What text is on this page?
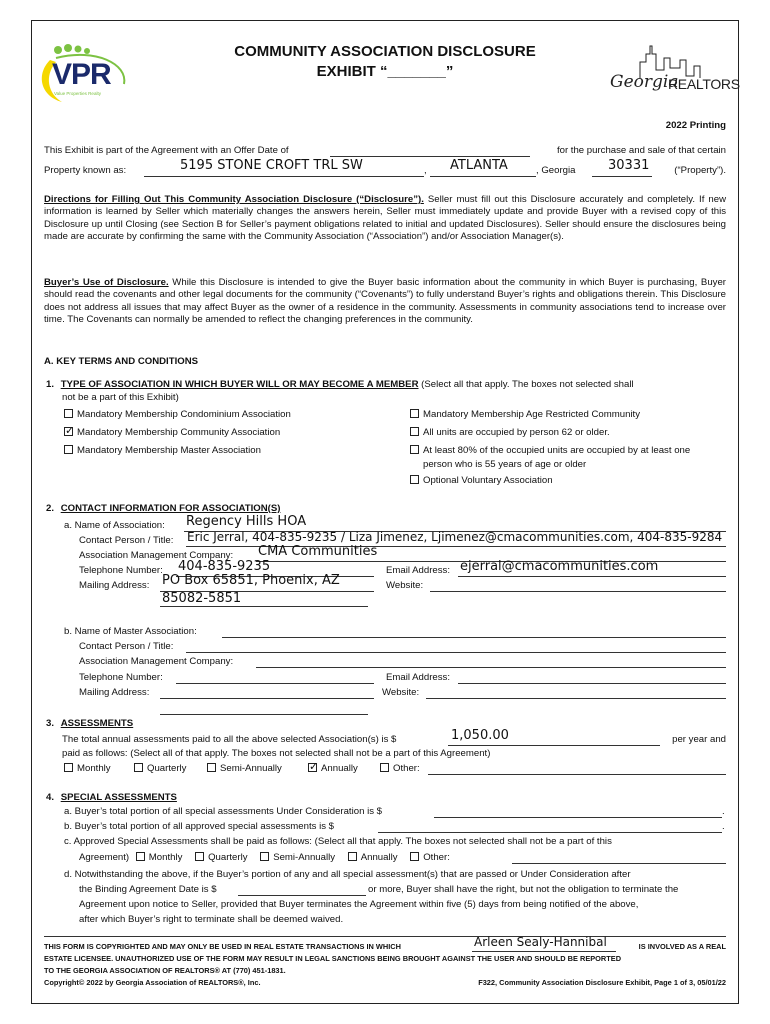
VPR
Value Properties Realty
COMMUNITY ASSOCIATION DISCLOSURE
EXHIBIT “_______”
Georgia
REALTORS
2022 Printing
This Exhibit is part of the Agreement with an Offer Date of	for the purchase and sale of that certain
Property known as:	5195 STONE CROFT TRL SW	, ATLANTA	, Georgia	30331	(“Property”).
Directions for Filling Out This Community Association Disclosure (“Disclosure”). Seller must fill out this Disclosure accurately and completely. If new information is learned by Seller which materially changes the answers herein, Seller must immediately update and provide Buyer with a revised copy of this Disclosure up until Closing (see Section B for Seller’s payment obligations related to initial and updated Disclosures). Seller should ensure the disclosures being made are accurate by confirming the same with the Community Association (“Association”) and/or Association Manager(s).
Buyer’s Use of Disclosure. While this Disclosure is intended to give the Buyer basic information about the community in which Buyer is purchasing, Buyer should read the covenants and other legal documents for the community (“Covenants”) to fully understand Buyer’s rights and obligations therein. This Disclosure does not address all issues that may affect Buyer as the owner of a residence in the community. Assessments in community associations tend to increase over time. The Covenants can normally be amended to reflect the changing preferences in the community.
A. KEY TERMS AND CONDITIONS
1. TYPE OF ASSOCIATION IN WHICH BUYER WILL OR MAY BECOME A MEMBER (Select all that apply. The boxes not selected shall
not be a part of this Exhibit)
Mandatory Membership Condominium Association
✓Mandatory Membership Community Association
Mandatory Membership Master Association
Mandatory Membership Age Restricted Community
All units are occupied by person 62 or older.
At least 80% of the occupied units are occupied by at least one
person who is 55 years of age or older
Optional Voluntary Association
2. CONTACT INFORMATION FOR ASSOCIATION(S)
a. Name of Association: Regency Hills HOA
Contact Person / Title: Eric Jerral, 404-835-9235 / Liza Jimenez, Ljimenez@cmacommunities.com, 404-835-9284
Association Management Company: CMA Communities
Telephone Number: 404-835-9235	Email Address: ejerral@cmacommunities.com
Mailing Address: PO Box 65851, Phoenix, AZ	Website:
85082-5851
b. Name of Master Association:
Contact Person / Title:
Association Management Company:
Telephone Number:	Email Address:
Mailing Address:	Website:
3. ASSESSMENTS
The total annual assessments paid to all the above selected Association(s) is $	1,050.00	per year and
paid as follows: (Select all of that apply. The boxes not selected shall not be a part of this Agreement)
Monthly	Quarterly	Semi-Annually
✓	Annually	Other:
4. SPECIAL ASSESSMENTS
a. Buyer’s total portion of all special assessments Under Consideration is $	.
b. Buyer’s total portion of all approved special assessments is $	.
c. Approved Special Assessments shall be paid as follows: (Select all that apply. The boxes not selected shall not be a part of this
Agreement) Monthly	Quarterly	Semi-Annually	Annually	Other:
d. Notwithstanding the above, if the Buyer’s portion of any and all special assessment(s) that are passed or Under Consideration after
the Binding Agreement Date is $	or more, Buyer shall have the right, but not the obligation to terminate the
Agreement upon notice to Seller, provided that Buyer terminates the Agreement within five (5) days from being notified of the above,
after which Buyer’s right to terminate shall be deemed waived.
THIS FORM IS COPYRIGHTED AND MAY ONLY BE USED IN REAL ESTATE TRANSACTIONS IN WHICH	Arleen Sealy-Hannibal	IS INVOLVED AS A REAL
ESTATE LICENSEE. UNAUTHORIZED USE OF THE FORM MAY RESULT IN LEGAL SANCTIONS BEING BROUGHT AGAINST THE USER AND SHOULD BE REPORTED
TO THE GEORGIA ASSOCIATION OF REALTORS® AT (770) 451-1831.
Copyright© 2022 by Georgia Association of REALTORS®, Inc.	F322, Community Association Disclosure Exhibit, Page 1 of 3, 05/01/22
